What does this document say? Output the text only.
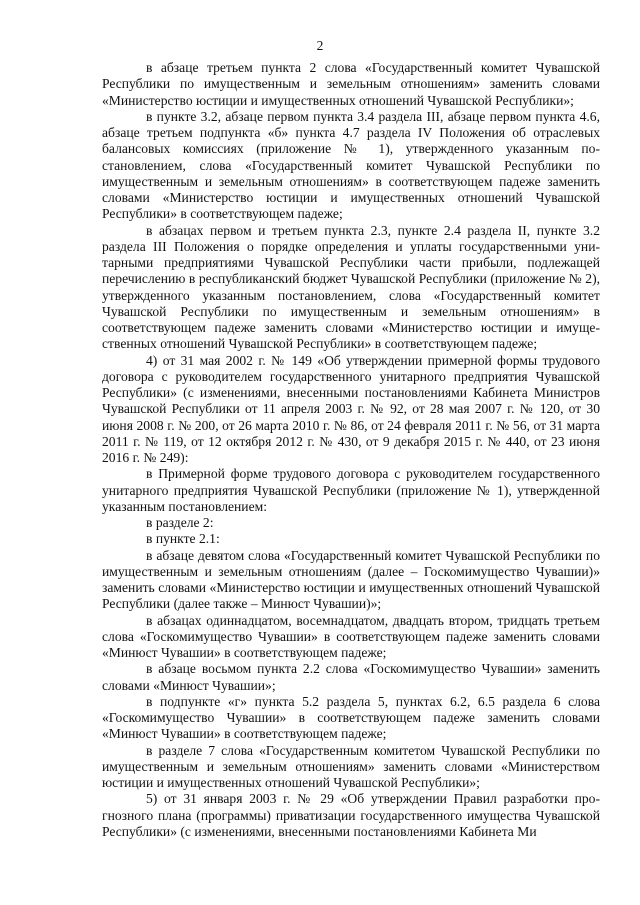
2

в абзаце третьем пункта 2 слова «Государственный комитет Чувашской Республики по имущественным и земельным отношениям» заменить словами «Министерство юстиции и имущественных отношений Чувашской Республики»;

в пункте 3.2, абзаце первом пункта 3.4 раздела III, абзаце первом пункта 4.6, абзаце третьем подпункта «б» пункта 4.7 раздела IV Положения об отраслевых балансовых комиссиях (приложение № 1), утвержденного указанным постановлением, слова «Государственный комитет Чувашской Республики по имущественным и земельным отношениям» в соответствующем падеже заменить словами «Министерство юстиции и имущественных отношений Чувашской Республики» в соответствующем падеже;

в абзацах первом и третьем пункта 2.3, пункте 2.4 раздела II, пункте 3.2 раздела III Положения о порядке определения и уплаты государственными унитарными предприятиями Чувашской Республики части прибыли, подлежащей перечислению в республиканский бюджет Чувашской Республики (приложение № 2), утвержденного указанным постановлением, слова «Государственный комитет Чувашской Республики по имущественным и земельным отношениям» в соответствующем падеже заменить словами «Министерство юстиции и имущественных отношений Чувашской Республики» в соответствующем падеже;

4) от 31 мая 2002 г. № 149 «Об утверждении примерной формы трудового договора с руководителем государственного унитарного предприятия Чувашской Республики» (с изменениями, внесенными постановлениями Кабинета Министров Чувашской Республики от 11 апреля 2003 г. № 92, от 28 мая 2007 г. № 120, от 30 июня 2008 г. № 200, от 26 марта 2010 г. № 86, от 24 февраля 2011 г. № 56, от 31 марта 2011 г. № 119, от 12 октября 2012 г. № 430, от 9 декабря 2015 г. № 440, от 23 июня 2016 г. № 249):

в Примерной форме трудового договора с руководителем государственного унитарного предприятия Чувашской Республики (приложение № 1), утвержденной указанным постановлением:

в разделе 2:

в пункте 2.1:

в абзаце девятом слова «Государственный комитет Чувашской Республики по имущественным и земельным отношениям (далее – Госкомимущество Чувашии)» заменить словами «Министерство юстиции и имущественных отношений Чувашской Республики (далее также – Минюст Чувашии)»;

в абзацах одиннадцатом, восемнадцатом, двадцать втором, тридцать третьем слова «Госкомимущество Чувашии» в соответствующем падеже заменить словами «Минюст Чувашии» в соответствующем падеже;

в абзаце восьмом пункта 2.2 слова «Госкомимущество Чувашии» заменить словами «Минюст Чувашии»;

в подпункте «г» пункта 5.2 раздела 5, пунктах 6.2, 6.5 раздела 6 слова «Госкомимущество Чувашии» в соответствующем падеже заменить словами «Минюст Чувашии» в соответствующем падеже;

в разделе 7 слова «Государственным комитетом Чувашской Республики по имущественным и земельным отношениям» заменить словами «Министерством юстиции и имущественных отношений Чувашской Республики»;

5) от 31 января 2003 г. № 29 «Об утверждении Правил разработки прогнозного плана (программы) приватизации государственного имущества Чувашской Республики» (с изменениями, внесенными постановлениями Кабинета Ми
